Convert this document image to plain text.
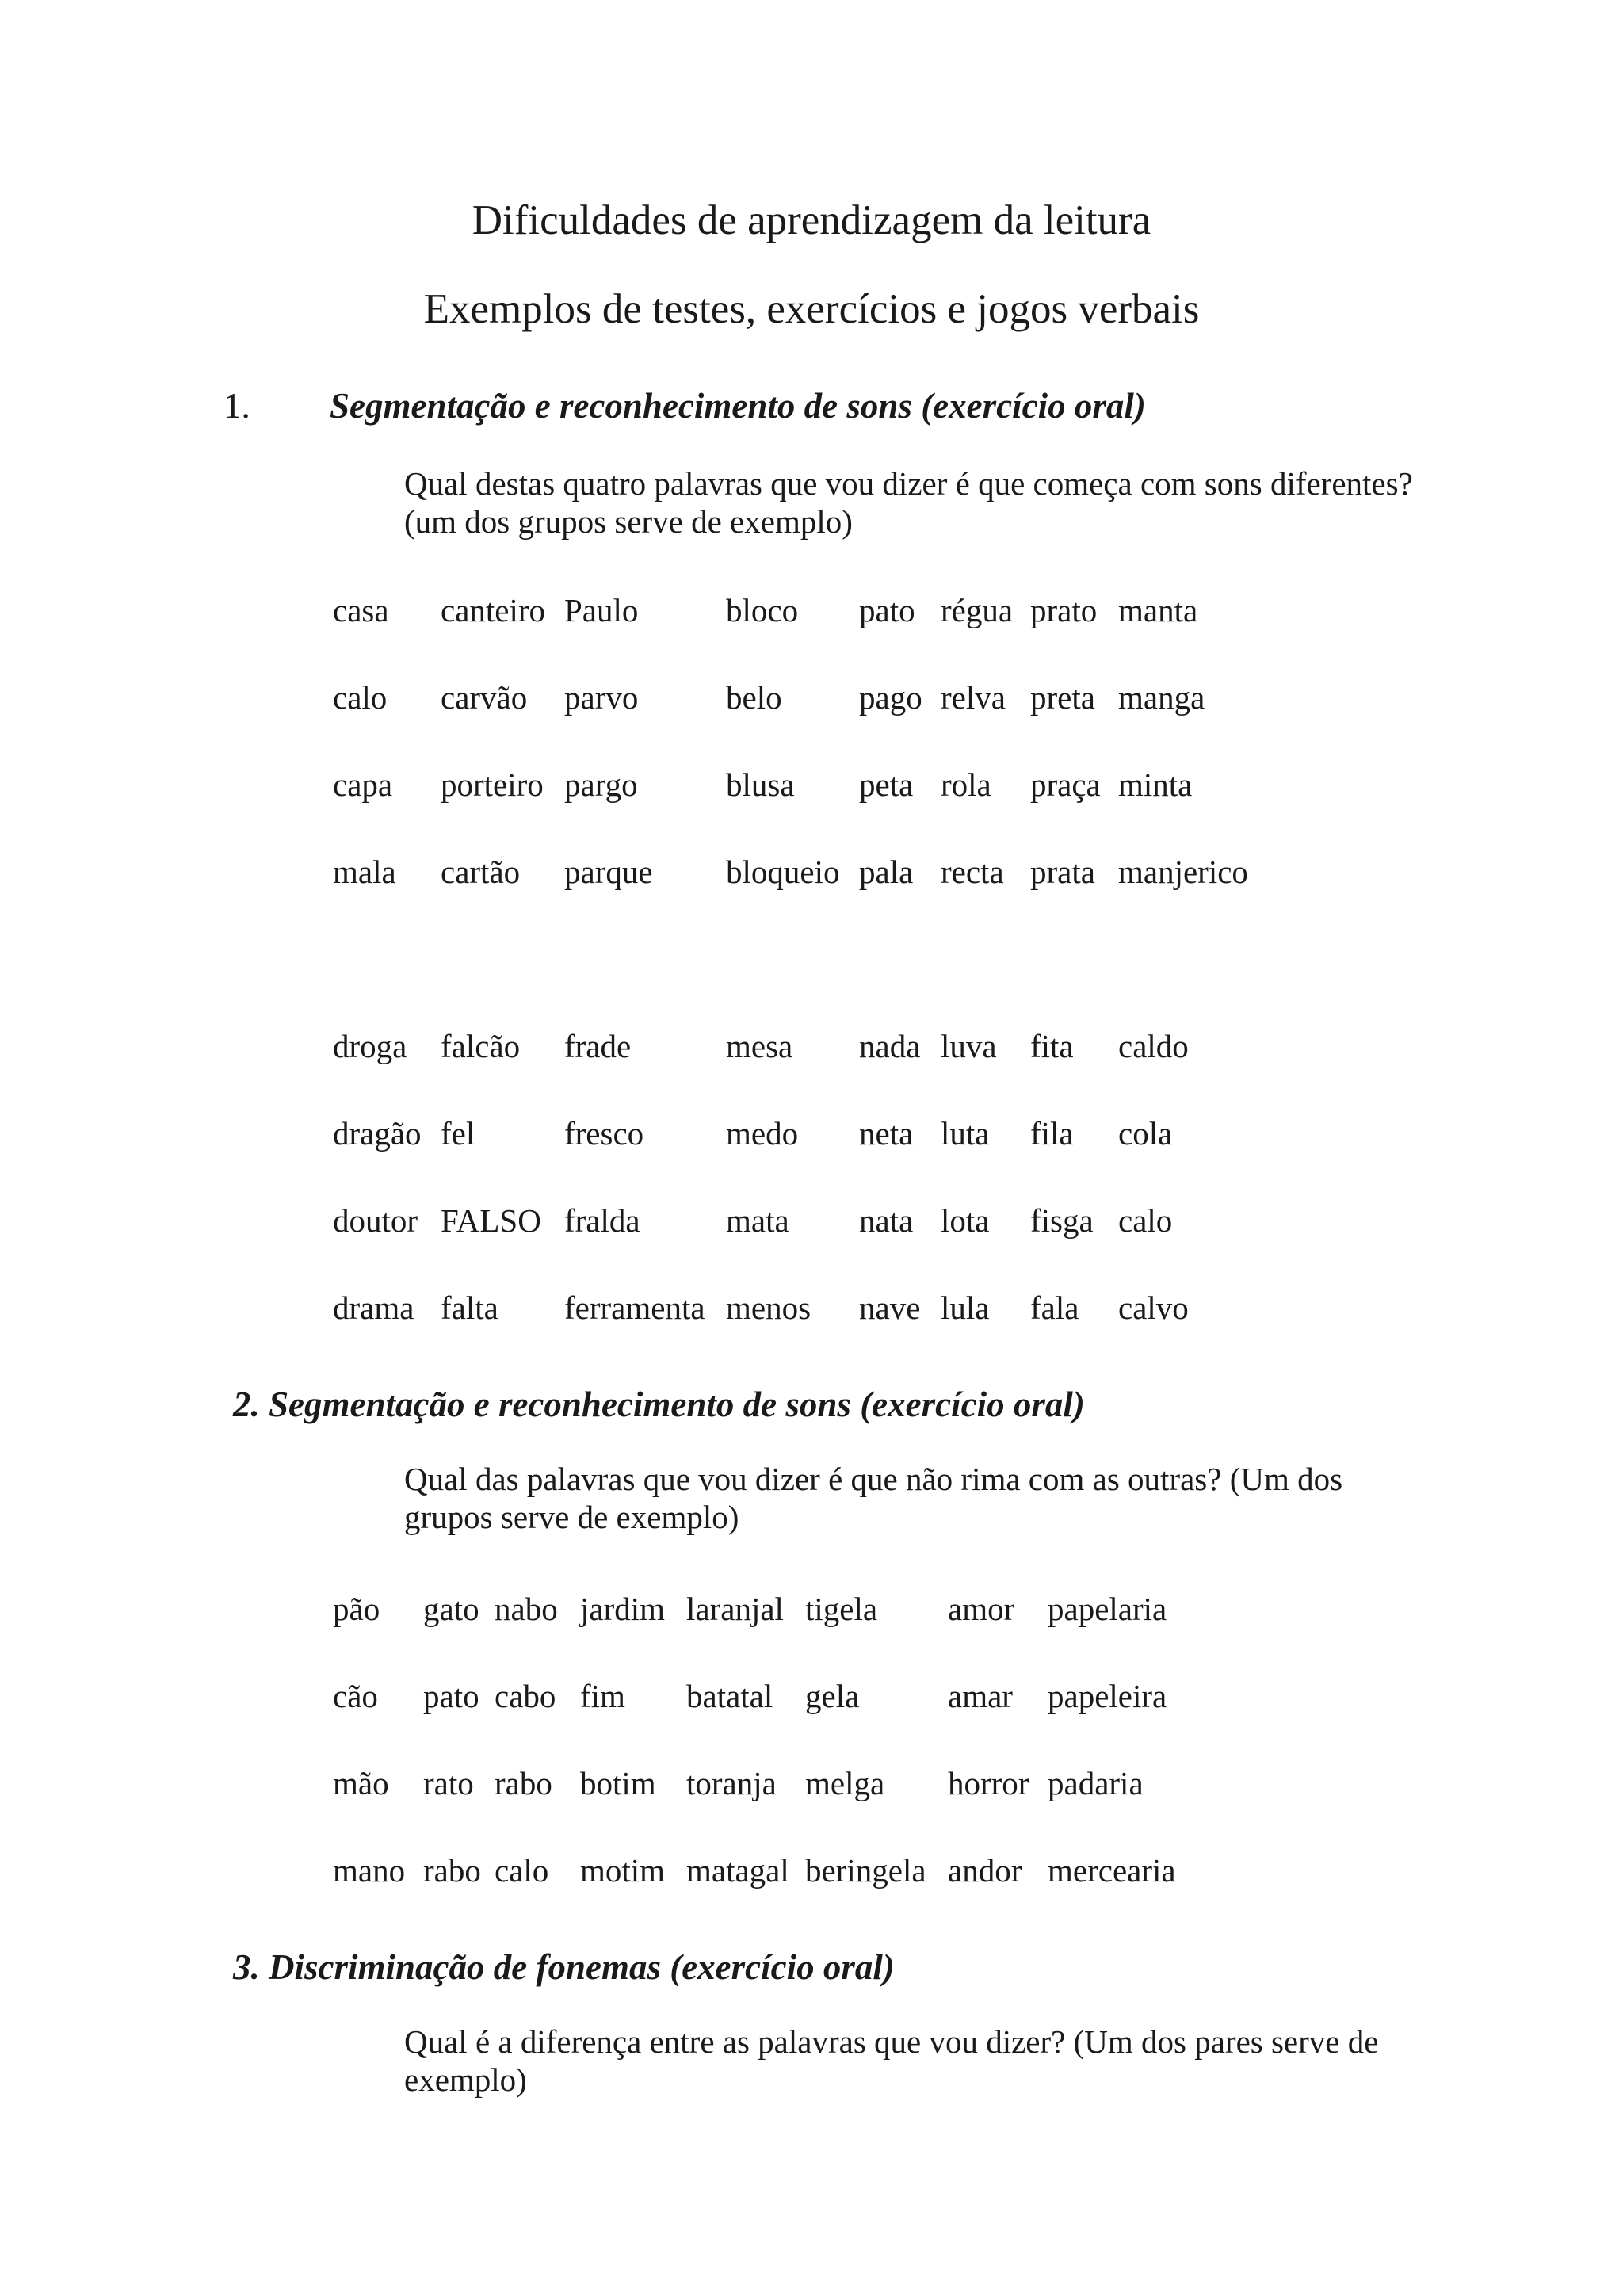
Dificuldades de aprendizagem da leitura
Exemplos de testes, exercícios e jogos verbais
1. Segmentação e reconhecimento de sons (exercício oral)
Qual destas quatro palavras que vou dizer é que começa com sons diferentes? (um dos grupos serve de exemplo)
casa canteiro Paulo	bloco pato régua prato manta
calo carvão parvo	belo pago relva preta manga
capa porteiro pargo	blusa peta rola praça minta
mala cartão parque bloqueio pala recta prata manjerico
droga falcão frade	mesa nada luva fita caldo
dragão fel	fresco	medo neta luta fila cola
doutor FALSO fralda	mata nata lota fisga calo
drama falta ferramenta menos nave lula fala calvo
2. Segmentação e reconhecimento de sons (exercício oral)
Qual das palavras que vou dizer é que não rima com as outras? (Um dos grupos serve de exemplo)
pão gato nabo jardim laranjal tigela amor papelaria
cão pato cabo fim batatal gela	amar papeleira
mão rato rabo botim toranja melga horror padaria
mano rabo calo motim matagal beringela andor mercearia
3. Discriminação de fonemas (exercício oral)
Qual é a diferença entre as palavras que vou dizer? (Um dos pares serve de exemplo)
